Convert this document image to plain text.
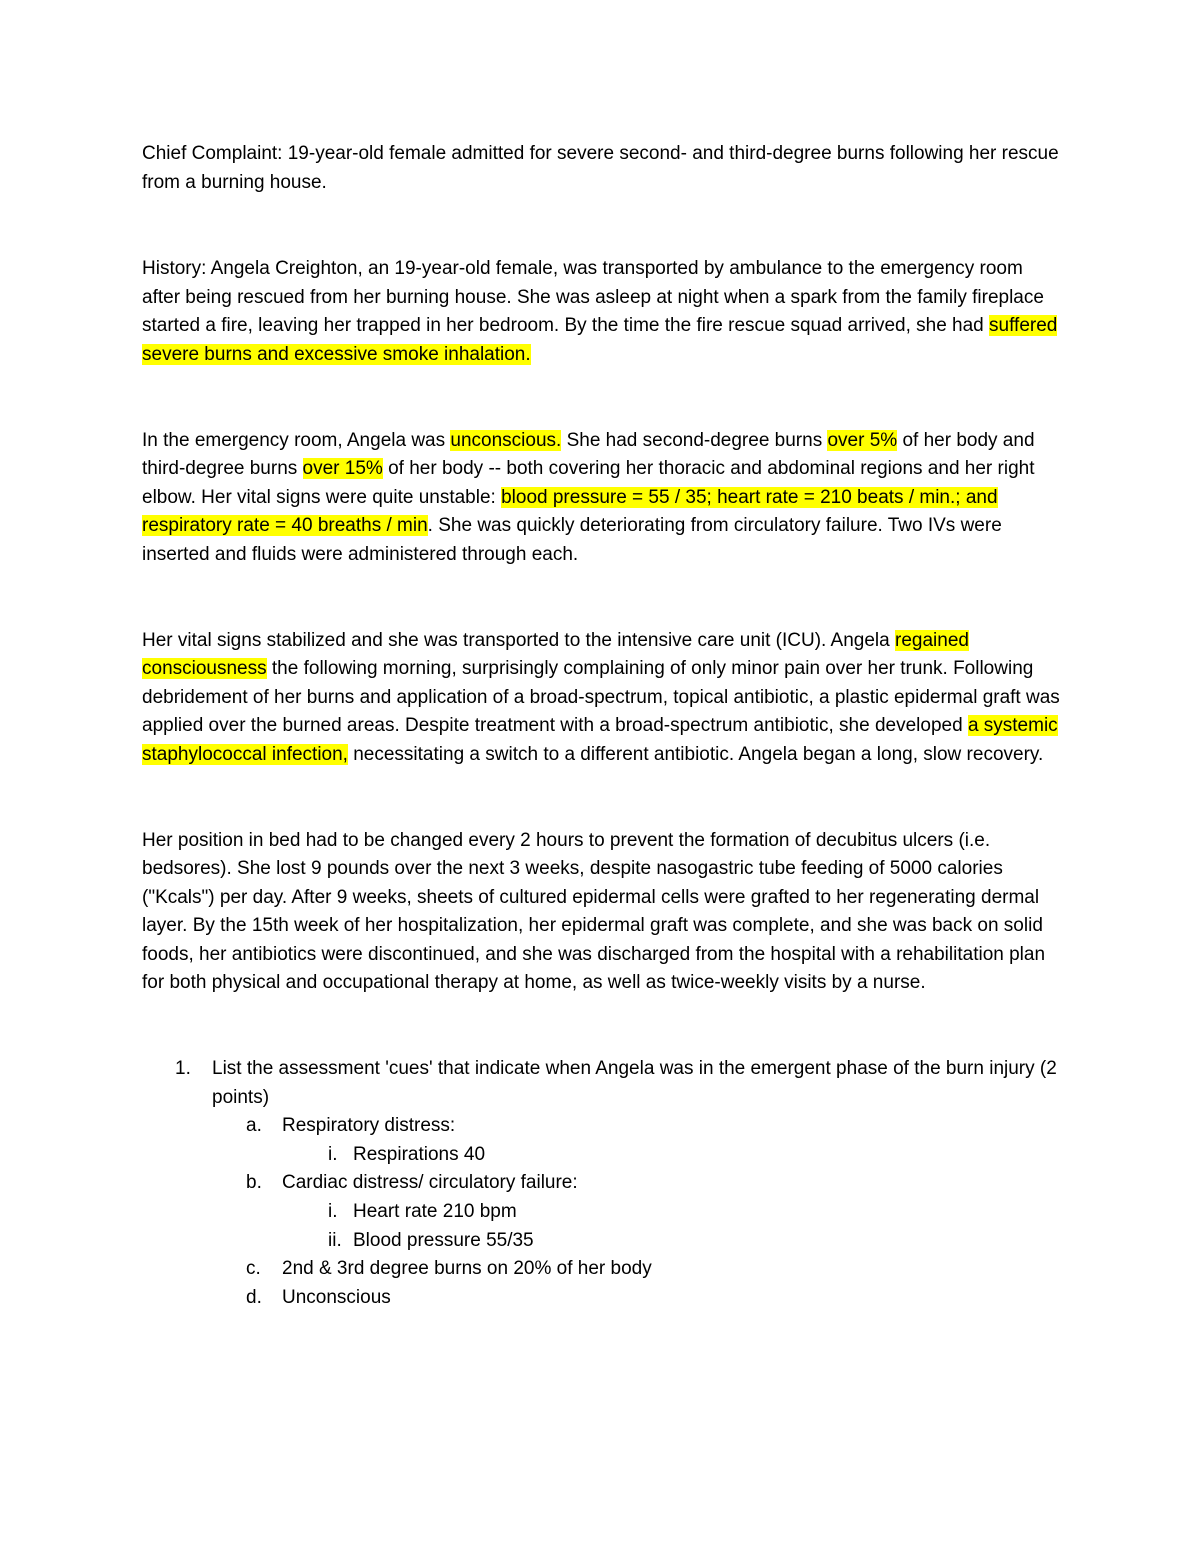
Chief Complaint: 19-year-old female admitted for severe second- and third-degree burns following her rescue from a burning house.

History: Angela Creighton, an 19-year-old female, was transported by ambulance to the emergency room after being rescued from her burning house. She was asleep at night when a spark from the family fireplace started a fire, leaving her trapped in her bedroom. By the time the fire rescue squad arrived, she had suffered severe burns and excessive smoke inhalation.

In the emergency room, Angela was unconscious. She had second-degree burns over 5% of her body and third-degree burns over 15% of her body -- both covering her thoracic and abdominal regions and her right elbow. Her vital signs were quite unstable: blood pressure = 55 / 35; heart rate = 210 beats / min.; and respiratory rate = 40 breaths / min. She was quickly deteriorating from circulatory failure. Two IVs were inserted and fluids were administered through each.

Her vital signs stabilized and she was transported to the intensive care unit (ICU). Angela regained consciousness the following morning, surprisingly complaining of only minor pain over her trunk. Following debridement of her burns and application of a broad-spectrum, topical antibiotic, a plastic epidermal graft was applied over the burned areas. Despite treatment with a broad-spectrum antibiotic, she developed a systemic staphylococcal infection, necessitating a switch to a different antibiotic. Angela began a long, slow recovery.

Her position in bed had to be changed every 2 hours to prevent the formation of decubitus ulcers (i.e. bedsores). She lost 9 pounds over the next 3 weeks, despite nasogastric tube feeding of 5000 calories ("Kcals") per day. After 9 weeks, sheets of cultured epidermal cells were grafted to her regenerating dermal layer. By the 15th week of her hospitalization, her epidermal graft was complete, and she was back on solid foods, her antibiotics were discontinued, and she was discharged from the hospital with a rehabilitation plan for both physical and occupational therapy at home, as well as twice-weekly visits by a nurse.

1. List the assessment 'cues' that indicate when Angela was in the emergent phase of the burn injury (2 points)
a. Respiratory distress:
i. Respirations 40
b. Cardiac distress/ circulatory failure:
i. Heart rate 210 bpm
ii. Blood pressure 55/35
c. 2nd & 3rd degree burns on 20% of her body
d. Unconscious
